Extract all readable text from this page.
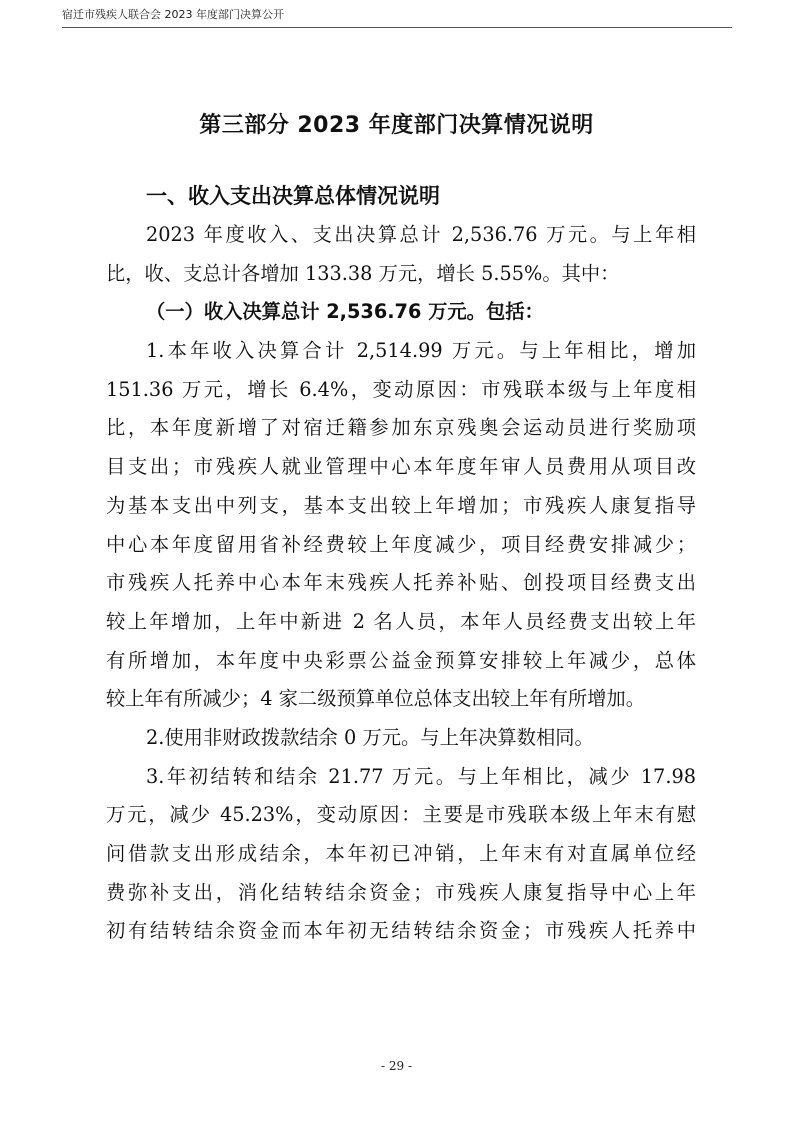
宿迁市残疾人联合会 2023 年度部门决算公开
第三部分 2023 年度部门决算情况说明
一、收入支出决算总体情况说明
2023 年度收入、支出决算总计 2,536.76 万元。与上年相
比，收、支总计各增加 133.38 万元，增长 5.55%。其中：
（一）收入决算总计 2,536.76 万元。包括：
1.本年收入决算合计 2,514.99 万元。与上年相比，增加
151.36 万元，增长 6.4%，变动原因：市残联本级与上年度相
比，本年度新增了对宿迁籍参加东京残奥会运动员进行奖励项
目支出；市残疾人就业管理中心本年度年审人员费用从项目改
为基本支出中列支，基本支出较上年增加；市残疾人康复指导
中心本年度留用省补经费较上年度减少，项目经费安排减少；
市残疾人托养中心本年末残疾人托养补贴、创投项目经费支出
较上年增加，上年中新进 2 名人员，本年人员经费支出较上年
有所增加，本年度中央彩票公益金预算安排较上年减少，总体
较上年有所减少；4 家二级预算单位总体支出较上年有所增加。
2.使用非财政拨款结余 0 万元。与上年决算数相同。
3.年初结转和结余 21.77 万元。与上年相比，减少 17.98
万元，减少 45.23%，变动原因：主要是市残联本级上年末有慰
问借款支出形成结余，本年初已冲销，上年末有对直属单位经
费弥补支出，消化结转结余资金；市残疾人康复指导中心上年
初有结转结余资金而本年初无结转结余资金；市残疾人托养中
- 29 -
